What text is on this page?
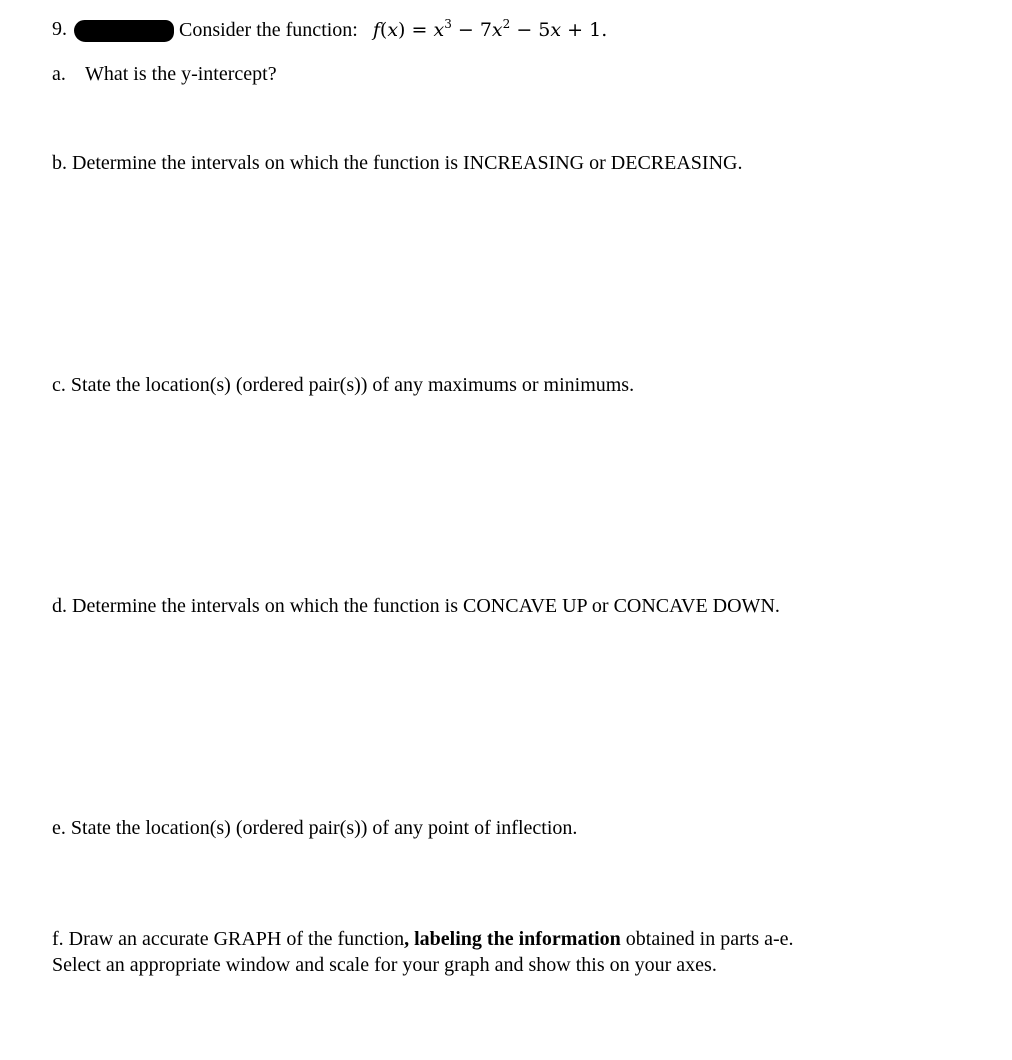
9.	Consider the function: $f(x) = x^3 - 7x^2 - 5x + 1$.
a. What is the y-intercept?
b. Determine the intervals on which the function is INCREASING or DECREASING.
c. State the location(s) (ordered pair(s)) of any maximums or minimums.
d. Determine the intervals on which the function is CONCAVE UP or CONCAVE DOWN.
e. State the location(s) (ordered pair(s)) of any point of inflection.
f. Draw an accurate GRAPH of the function, labeling the information obtained in parts a-e.
Select an appropriate window and scale for your graph and show this on your axes.
